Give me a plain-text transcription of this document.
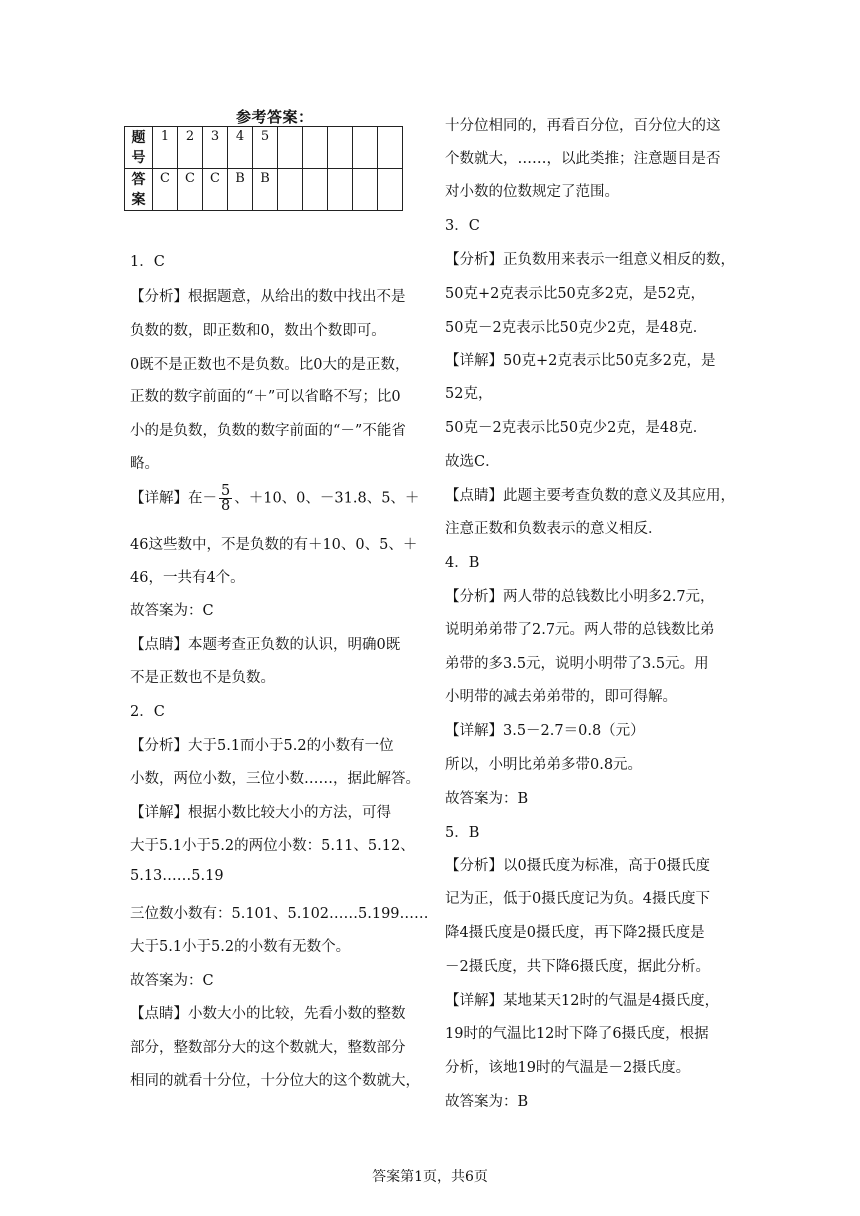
参考答案：
题号	1	2	3	4	5					
答案	C	C	C	B	B					

1．C

【分析】根据题意，从给出的数中找出不是

负数的数，即正数和0，数出个数即可。

0既不是正数也不是负数。比0大的是正数，

正数的数字前面的“＋”可以省略不写；比0

小的是负数，负数的数字前面的“－”不能省

略。

【详解】在－ $\frac{5}{8}$ 、＋10、0、－31.8、5、＋

46这些数中，不是负数的有＋10、0、5、＋

46，一共有4个。

故答案为：C

【点睛】本题考查正负数的认识，明确0既

不是正数也不是负数。

2．C

【分析】大于5.1而小于5.2的小数有一位

小数，两位小数，三位小数……，据此解答。

【详解】根据小数比较大小的方法，可得

大于5.1小于5.2的两位小数：5.11、5.12、

5.13……5.19

三位数小数有：5.101、5.102……5.199……

大于5.1小于5.2的小数有无数个。

故答案为：C

【点睛】小数大小的比较，先看小数的整数

部分，整数部分大的这个数就大，整数部分

相同的就看十分位，十分位大的这个数就大，

十分位相同的，再看百分位，百分位大的这

个数就大，……，以此类推；注意题目是否

对小数的位数规定了范围。

3．C

【分析】正负数用来表示一组意义相反的数，

50克+2克表示比50克多2克，是52克，

50克－2克表示比50克少2克，是48克．

【详解】50克+2克表示比50克多2克，是

52克，

50克－2克表示比50克少2克，是48克．

故选C．

【点睛】此题主要考查负数的意义及其应用，

注意正数和负数表示的意义相反．

4．B

【分析】两人带的总钱数比小明多2.7元，

说明弟弟带了2.7元。两人带的总钱数比弟

弟带的多3.5元，说明小明带了3.5元。用

小明带的减去弟弟带的，即可得解。

【详解】3.5－2.7＝0.8（元）

所以，小明比弟弟多带0.8元。

故答案为：B

5．B

【分析】以0摄氏度为标准，高于0摄氏度

记为正，低于0摄氏度记为负。4摄氏度下

降4摄氏度是0摄氏度，再下降2摄氏度是

－2摄氏度，共下降6摄氏度，据此分析。

【详解】某地某天12时的气温是4摄氏度，

19时的气温比12时下降了6摄氏度，根据

分析，该地19时的气温是－2摄氏度。

故答案为：B

答案第1页，共6页
